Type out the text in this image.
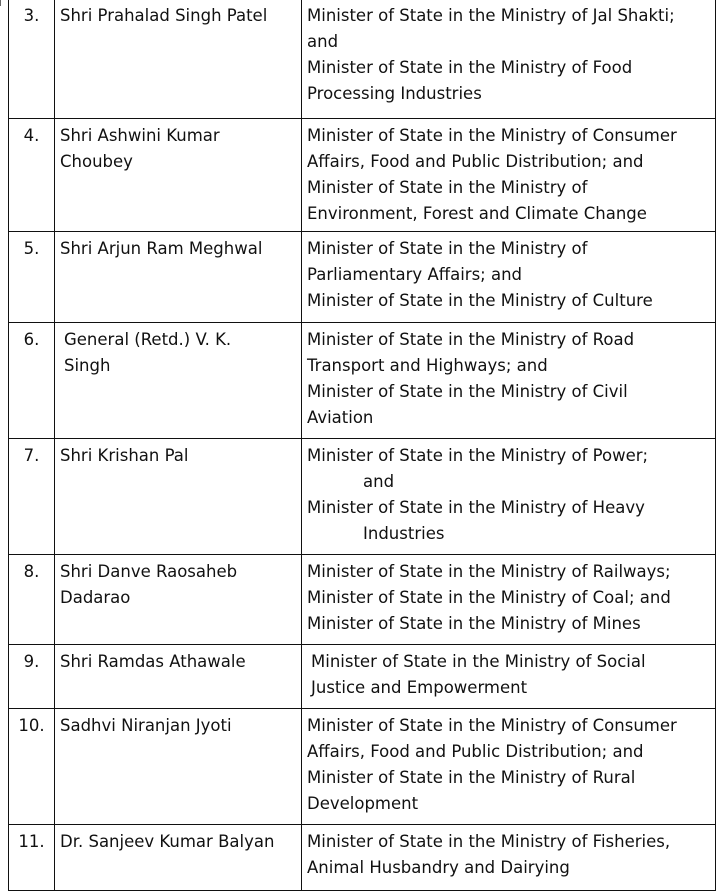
3.	Shri Prahalad Singh Patel	Minister of State in the Ministry of Jal Shakti;
and
Minister of State in the Ministry of Food
Processing Industries

4.	Shri Ashwini Kumar
Choubey	Minister of State in the Ministry of Consumer
Affairs, Food and Public Distribution; and
Minister of State in the Ministry of
Environment, Forest and Climate Change

5.	Shri Arjun Ram Meghwal	Minister of State in the Ministry of
Parliamentary Affairs; and
Minister of State in the Ministry of Culture

6.	General (Retd.) V. K.
Singh	Minister of State in the Ministry of Road
Transport and Highways; and
Minister of State in the Ministry of Civil
Aviation

7.	Shri Krishan Pal	Minister of State in the Ministry of Power;
and
Minister of State in the Ministry of Heavy
Industries

8.	Shri Danve Raosaheb
Dadarao	Minister of State in the Ministry of Railways;
Minister of State in the Ministry of Coal; and
Minister of State in the Ministry of Mines

9.	Shri Ramdas Athawale	Minister of State in the Ministry of Social
Justice and Empowerment

10.	Sadhvi Niranjan Jyoti	Minister of State in the Ministry of Consumer
Affairs, Food and Public Distribution; and
Minister of State in the Ministry of Rural
Development

11.	Dr. Sanjeev Kumar Balyan	Minister of State in the Ministry of Fisheries,
Animal Husbandry and Dairying
